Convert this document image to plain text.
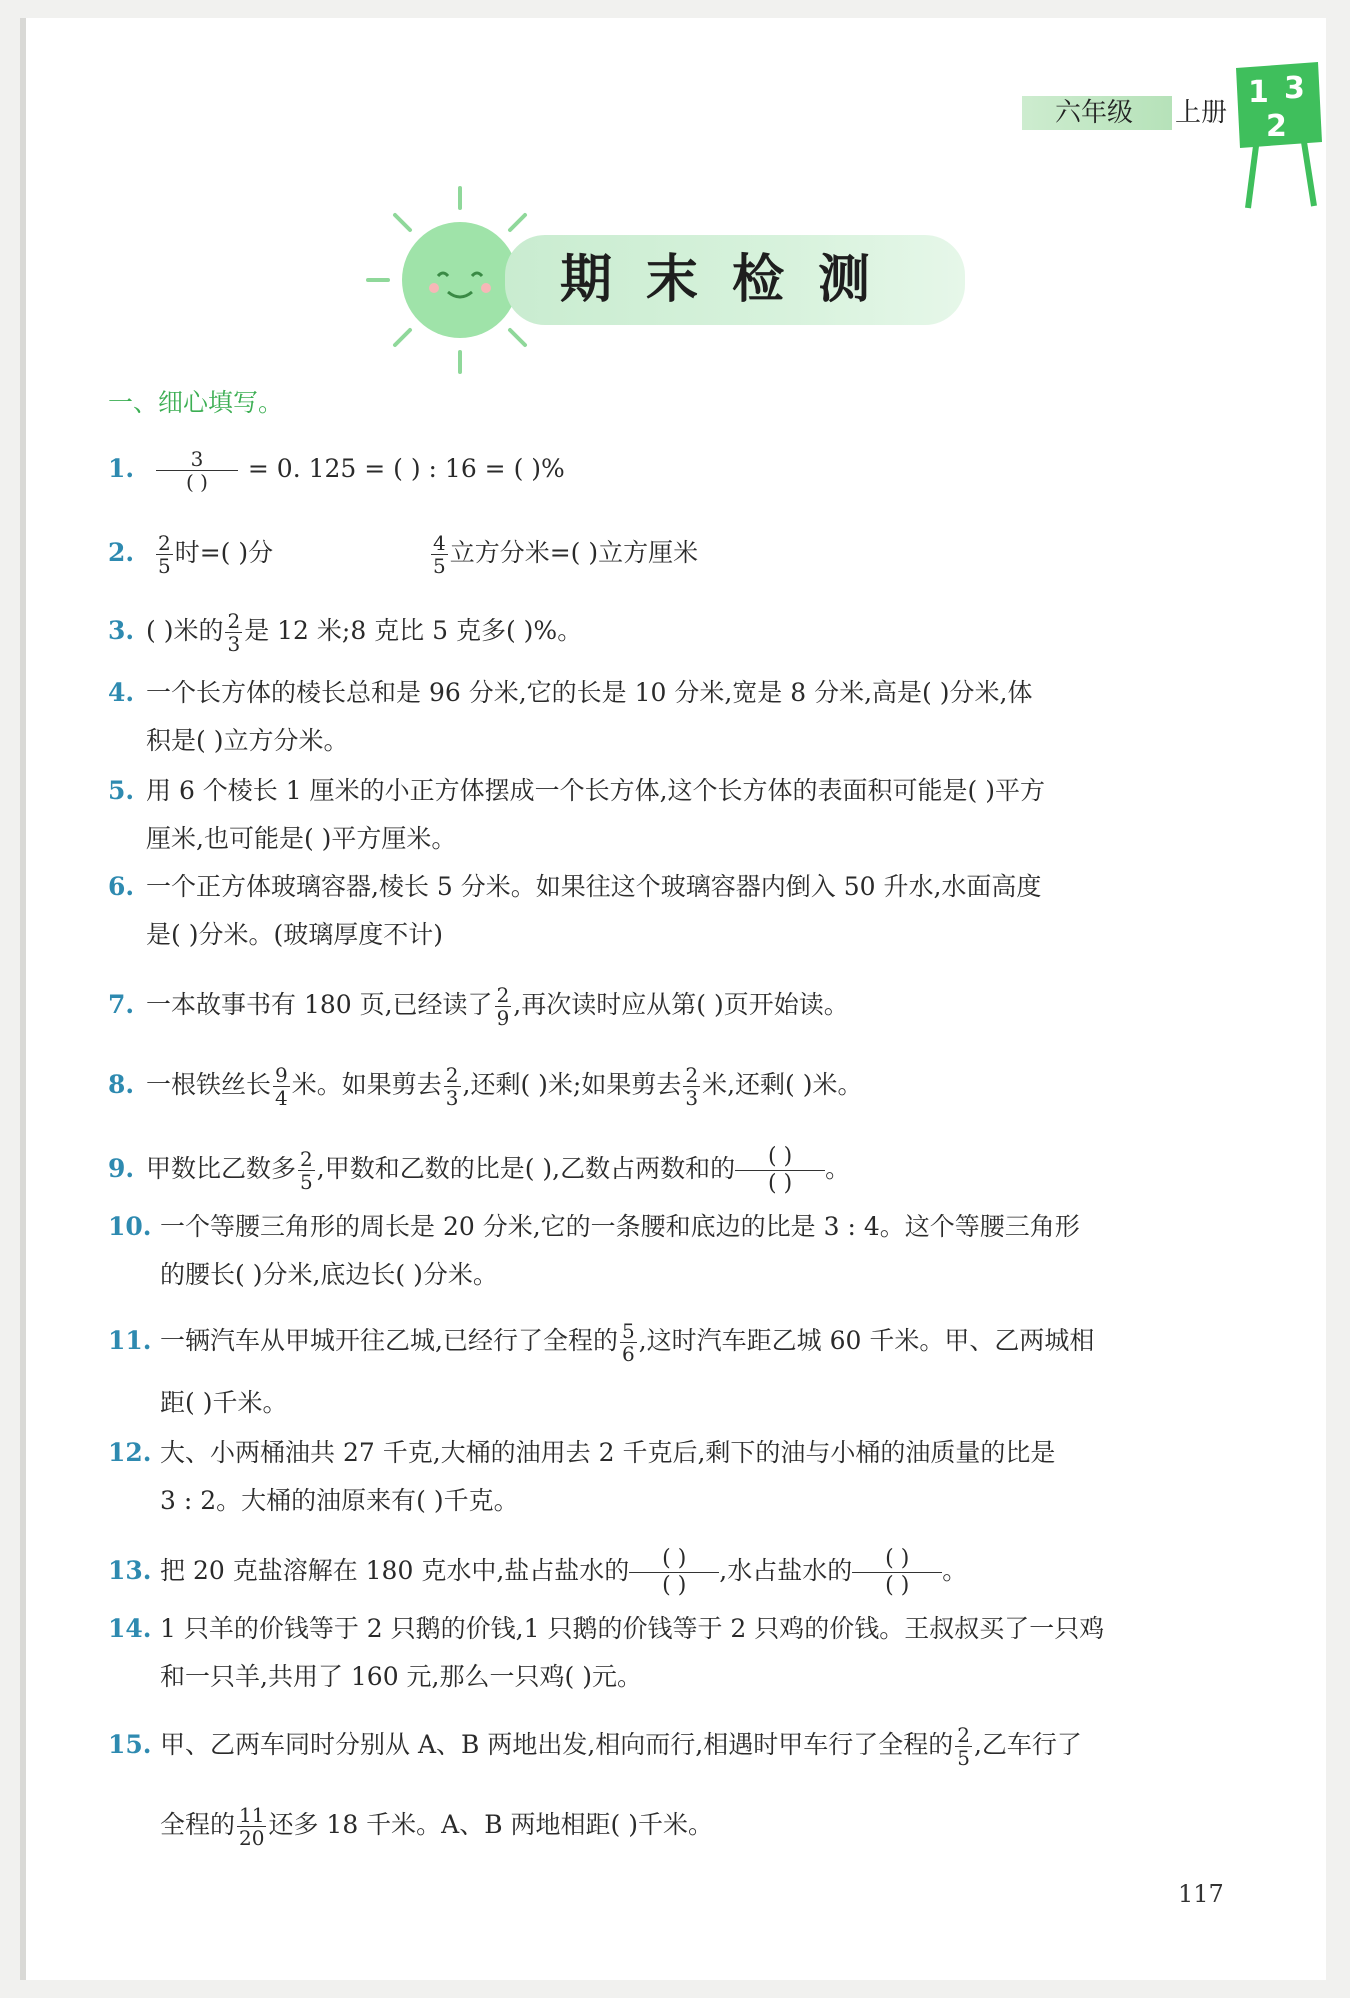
六年级 上册
1 3
2
期末检测
一、细心填写。
1. $\frac{3}{( )} = 0$. 125 = ( ) : 16 = ( )%
2. $\frac{2}{5}$ 时=( )分	$\frac{4}{5}$ 立方分米=( )立方厘米
3. ( )米的 $\frac{2}{3}$ 是 12 米;8 克比 5 克多( )%。
4. 一个长方体的棱长总和是 96 分米,它的长是 10 分米,宽是 8 分米,高是( )分米,体
积是( )立方分米。
5. 用 6 个棱长 1 厘米的小正方体摆成一个长方体,这个长方体的表面积可能是( )平方
厘米,也可能是( )平方厘米。
6. 一个正方体玻璃容器,棱长 5 分米。如果往这个玻璃容器内倒入 50 升水,水面高度
是( )分米。(玻璃厚度不计)
7. 一本故事书有 180 页,已经读了 $\frac{2}{9}$ ,再次读时应从第( )页开始读。
8. 一根铁丝长 $\frac{9}{4}$ 米。如果剪去 $\frac{2}{3}$ ,还剩( )米;如果剪去 $\frac{2}{3}$ 米,还剩( )米。
9. 甲数比乙数多 $\frac{2}{5}$ ,甲数和乙数的比是( ),乙数占两数和的 $\frac{( )}{( )}$。
10. 一个等腰三角形的周长是 20 分米,它的一条腰和底边的比是 3 : 4。这个等腰三角形
的腰长( )分米,底边长( )分米。
11. 一辆汽车从甲城开往乙城,已经行了全程的 $\frac{5}{6}$ ,这时汽车距乙城 60 千米。甲、乙两城相
距( )千米。
12. 大、小两桶油共 27 千克,大桶的油用去 2 千克后,剩下的油与小桶的油质量的比是
3 : 2。大桶的油原来有( )千克。
13. 把 20 克盐溶解在 180 克水中,盐占盐水的 $\frac{( )}{( )}$,水占盐水的 $\frac{( )}{( )}$。
14. 1 只羊的价钱等于 2 只鹅的价钱,1 只鹅的价钱等于 2 只鸡的价钱。王叔叔买了一只鸡
和一只羊,共用了 160 元,那么一只鸡( )元。
15. 甲、乙两车同时分别从 A、B 两地出发,相向而行,相遇时甲车行了全程的 $\frac{2}{5}$ ,乙车行了
全程的 $\frac{11}{20}$ 还多 18 千米。A、B 两地相距( )千米。
117
